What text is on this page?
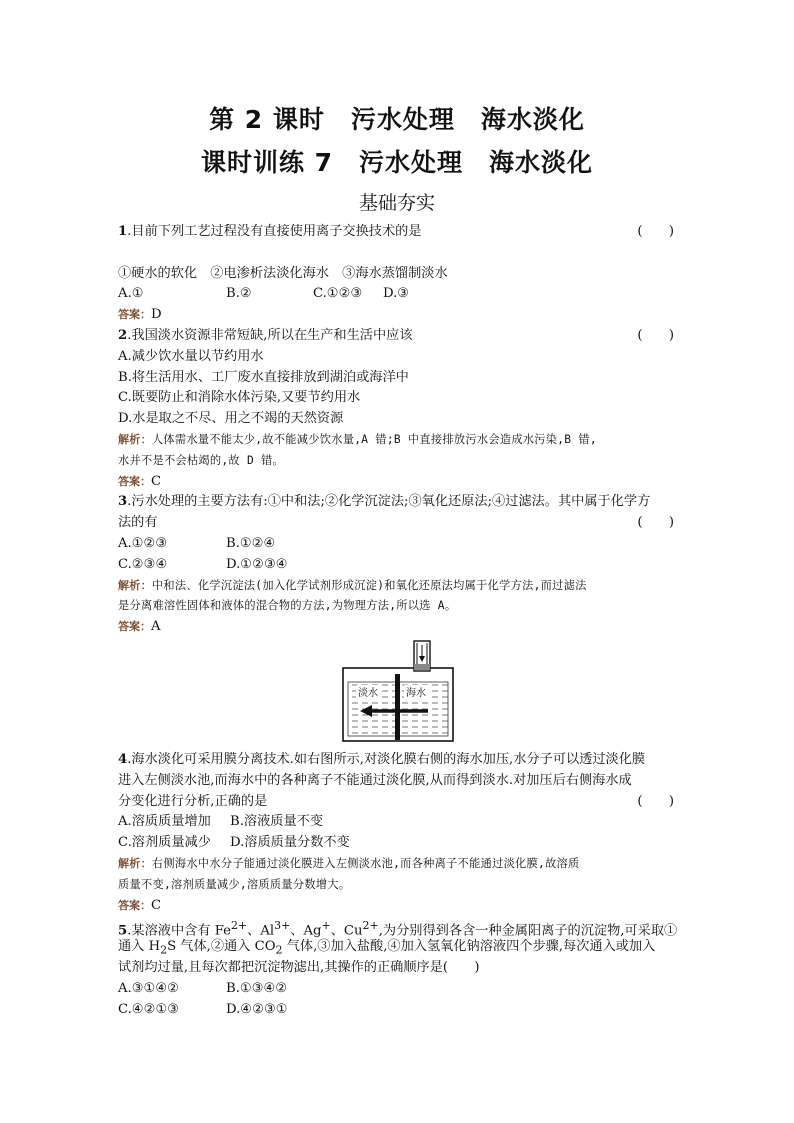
第 2 课时　污水处理　海水淡化
课时训练 7　污水处理　海水淡化
基础夯实
1.目前下列工艺过程没有直接使用离子交换技术的是	(　　)
①硬水的软化　②电渗析法淡化海水　③海水蒸馏制淡水
A.①	B.②	C.①②③	D.③
答案：D
2.我国淡水资源非常短缺,所以在生产和生活中应该	(　　)
A.减少饮水量以节约用水
B.将生活用水、工厂废水直接排放到湖泊或海洋中
C.既要防止和消除水体污染,又要节约用水
D.水是取之不尽、用之不竭的天然资源
解析：人体需水量不能太少,故不能减少饮水量,A 错;B 中直接排放污水会造成水污染,B 错,
水并不是不会枯竭的,故 D 错。
答案：C
3.污水处理的主要方法有:①中和法;②化学沉淀法;③氧化还原法;④过滤法。其中属于化学方
法的有	(　　)
A.①②③	B.①②④
C.②③④	D.①②③④
解析：中和法、化学沉淀法(加入化学试剂形成沉淀)和氧化还原法均属于化学方法,而过滤法
是分离难溶性固体和液体的混合物的方法,为物理方法,所以选 A。
答案：A
淡水	海水
4.海水淡化可采用膜分离技术.如右图所示,对淡化膜右侧的海水加压,水分子可以透过淡化膜
进入左侧淡水池,而海水中的各种离子不能通过淡化膜,从而得到淡水.对加压后右侧海水成
分变化进行分析,正确的是	(　　)
A.溶质质量增加	B.溶液质量不变
C.溶剂质量减少	D.溶质质量分数不变
解析：右侧海水中水分子能通过淡化膜进入左侧淡水池,而各种离子不能通过淡化膜,故溶质
质量不变,溶剂质量减少,溶质质量分数增大。
答案：C
5.某溶液中含有 $Fe^{2+}$、$Al^{3+}$、Ag+、$Cu^{2+}$,为分别得到各含一种金属阳离子的沉淀物,可采取①
通入 $H_2S$ 气体,②通入 $CO_2$ 气体,③加入盐酸,④加入氢氧化钠溶液四个步骤,每次通入或加入
试剂均过量,且每次都把沉淀物滤出,其操作的正确顺序是(　　)
A.③①④②	B.①③④②
C.④②①③	D.④②③①
